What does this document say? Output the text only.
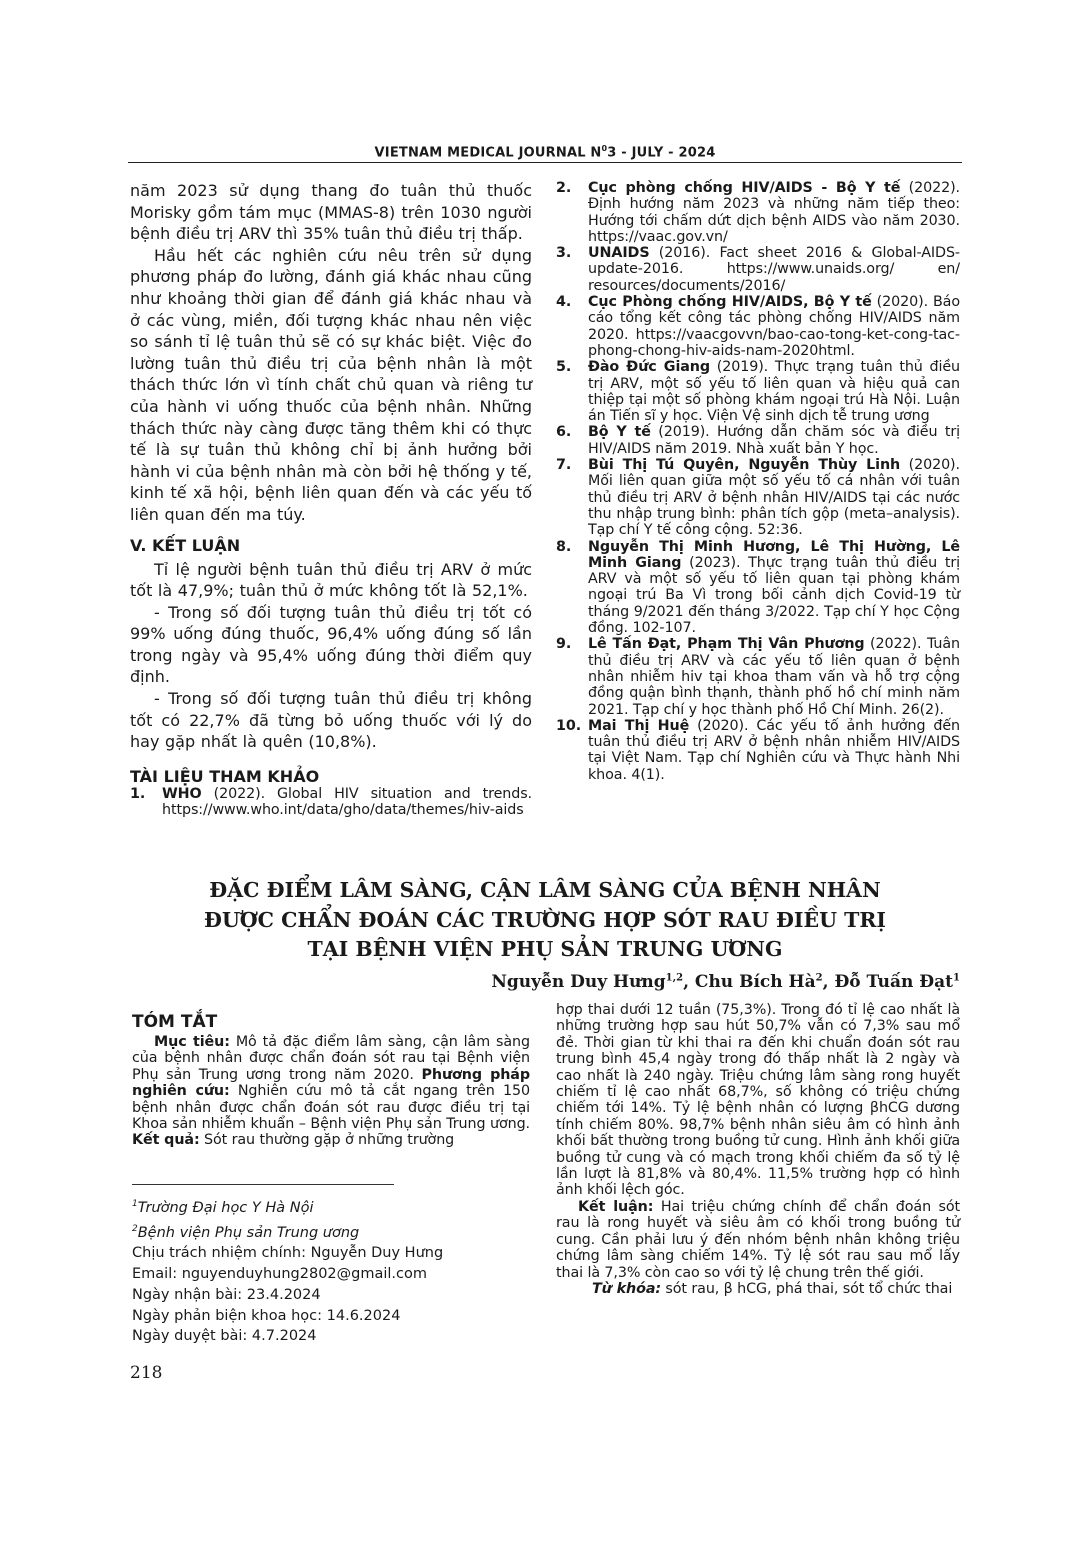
VIETNAM MEDICAL JOURNAL $N^03$ - JULY - 2024

năm 2023 sử dụng thang đo tuân thủ thuốc Morisky gồm tám mục (MMAS-8) trên 1030 người bệnh điều trị ARV thì 35% tuân thủ điều trị thấp.

Hầu hết các nghiên cứu nêu trên sử dụng phương pháp đo lường, đánh giá khác nhau cũng như khoảng thời gian để đánh giá khác nhau và ở các vùng, miền, đối tượng khác nhau nên việc so sánh tỉ lệ tuân thủ sẽ có sự khác biệt. Việc đo lường tuân thủ điều trị của bệnh nhân là một thách thức lớn vì tính chất chủ quan và riêng tư của hành vi uống thuốc của bệnh nhân. Những thách thức này càng được tăng thêm khi có thực tế là sự tuân thủ không chỉ bị ảnh hưởng bởi hành vi của bệnh nhân mà còn bởi hệ thống y tế, kinh tế xã hội, bệnh liên quan đến và các yếu tố liên quan đến ma túy.

V. KẾT LUẬN

Tỉ lệ người bệnh tuân thủ điều trị ARV ở mức tốt là 47,9%; tuân thủ ở mức không tốt là 52,1%.

- Trong số đối tượng tuân thủ điều trị tốt có 99% uống đúng thuốc, 96,4% uống đúng số lần trong ngày và 95,4% uống đúng thời điểm quy định.

- Trong số đối tượng tuân thủ điều trị không tốt có 22,7% đã từng bỏ uống thuốc với lý do hay gặp nhất là quên (10,8%).

TÀI LIỆU THAM KHẢO
1.	WHO (2022). Global HIV situation and trends. https://www.who.int/data/gho/data/themes/hiv-aids
2.	Cục phòng chống HIV/AIDS - Bộ Y tế (2022). Định hướng năm 2023 và những năm tiếp theo: Hướng tới chấm dứt dịch bệnh AIDS vào năm 2030. https://vaac.gov.vn/
3.	UNAIDS (2016). Fact sheet 2016 & Global-AIDS-update-2016. https://www.unaids.org/ en/ resources/documents/2016/
4.	Cục Phòng chống HIV/AIDS, Bộ Y tế (2020). Báo cáo tổng kết công tác phòng chống HIV/AIDS năm 2020. https://vaacgovvn/bao-cao-tong-ket-cong-tac-phong-chong-hiv-aids-nam-2020html.
5.	Đào Đức Giang (2019). Thực trạng tuân thủ điều trị ARV, một số yếu tố liên quan và hiệu quả can thiệp tại một số phòng khám ngoại trú Hà Nội. Luận án Tiến sĩ y học. Viện Vệ sinh dịch tễ trung ương
6.	Bộ Y tế (2019). Hướng dẫn chăm sóc và điều trị HIV/AIDS năm 2019. Nhà xuất bản Y học.
7.	Bùi Thị Tú Quyên, Nguyễn Thùy Linh (2020). Mối liên quan giữa một số yếu tố cá nhân với tuân thủ điều trị ARV ở bệnh nhân HIV/AIDS tại các nước thu nhập trung bình: phân tích gộp (meta–analysis). Tạp chí Y tế công cộng. 52:36.
8.	Nguyễn Thị Minh Hương, Lê Thị Hường, Lê Minh Giang (2023). Thực trạng tuân thủ điều trị ARV và một số yếu tố liên quan tại phòng khám ngoại trú Ba Vì trong bối cảnh dịch Covid-19 từ tháng 9/2021 đến tháng 3/2022. Tạp chí Y học Cộng đồng. 102-107.
9.	Lê Tấn Đạt, Phạm Thị Vân Phương (2022). Tuân thủ điều trị ARV và các yếu tố liên quan ở bệnh nhân nhiễm hiv tại khoa tham vấn và hỗ trợ cộng đồng quận bình thạnh, thành phố hồ chí minh năm 2021. Tạp chí y học thành phố Hồ Chí Minh. 26(2).
10. Mai Thị Huệ (2020). Các yếu tố ảnh hưởng đến tuân thủ điều trị ARV ở bệnh nhân nhiễm HIV/AIDS tại Việt Nam. Tạp chí Nghiên cứu và Thực hành Nhi khoa. 4(1).
ĐẶC ĐIỂM LÂM SÀNG, CẬN LÂM SÀNG CỦA BỆNH NHÂN
ĐƯỢC CHẨN ĐOÁN CÁC TRƯỜNG HỢP SÓT RAU ĐIỀU TRỊ
TẠI BỆNH VIỆN PHỤ SẢN TRUNG ƯƠNG
Nguyễn Duy Hưng$^{1,2}$, Chu Bích $Hà^2$, Đỗ Tuấn Đạt$^1$
TÓM TẮT

Mục tiêu: Mô tả đặc điểm lâm sàng, cận lâm sàng của bệnh nhân được chẩn đoán sót rau tại Bệnh viện Phụ sản Trung ương trong năm 2020. Phương pháp nghiên cứu: Nghiên cứu mô tả cắt ngang trên 150 bệnh nhân được chẩn đoán sót rau được điều trị tại Khoa sản nhiễm khuẩn – Bệnh viện Phụ sản Trung ương. Kết quả: Sót rau thường gặp ở những trường

hợp thai dưới 12 tuần (75,3%). Trong đó tỉ lệ cao nhất là những trường hợp sau hút 50,7% vẫn có 7,3% sau mổ đẻ. Thời gian từ khi thai ra đến khi chuẩn đoán sót rau trung bình 45,4 ngày trong đó thấp nhất là 2 ngày và cao nhất là 240 ngày. Triệu chứng lâm sàng rong huyết chiếm tỉ lệ cao nhất 68,7%, số không có triệu chứng chiếm tới 14%. Tỷ lệ bệnh nhân có lượng βhCG dương tính chiếm 80%. 98,7% bệnh nhân siêu âm có hình ảnh khối bất thường trong buồng tử cung. Hình ảnh khối giữa buồng tử cung và có mạch trong khối chiếm đa số tỷ lệ lần lượt là 81,8% và 80,4%. 11,5% trường hợp có hình ảnh khối lệch góc.

Kết luận: Hai triệu chứng chính để chẩn đoán sót rau là rong huyết và siêu âm có khối trong buồng tử cung. Cần phải lưu ý đến nhóm bệnh nhân không triệu chứng lâm sàng chiếm 14%. Tỷ lệ sót rau sau mổ lấy thai là 7,3% còn cao so với tỷ lệ chung trên thế giới.

Từ khóa: sót rau, β hCG, phá thai, sót tổ chức thai

$^1$Trường Đại học Y Hà Nội
$^2$Bệnh viện Phụ sản Trung ương
Chịu trách nhiệm chính: Nguyễn Duy Hưng
Email: nguyenduyhung2802@gmail.com
Ngày nhận bài: 23.4.2024
Ngày phản biện khoa học: 14.6.2024
Ngày duyệt bài: 4.7.2024
218
